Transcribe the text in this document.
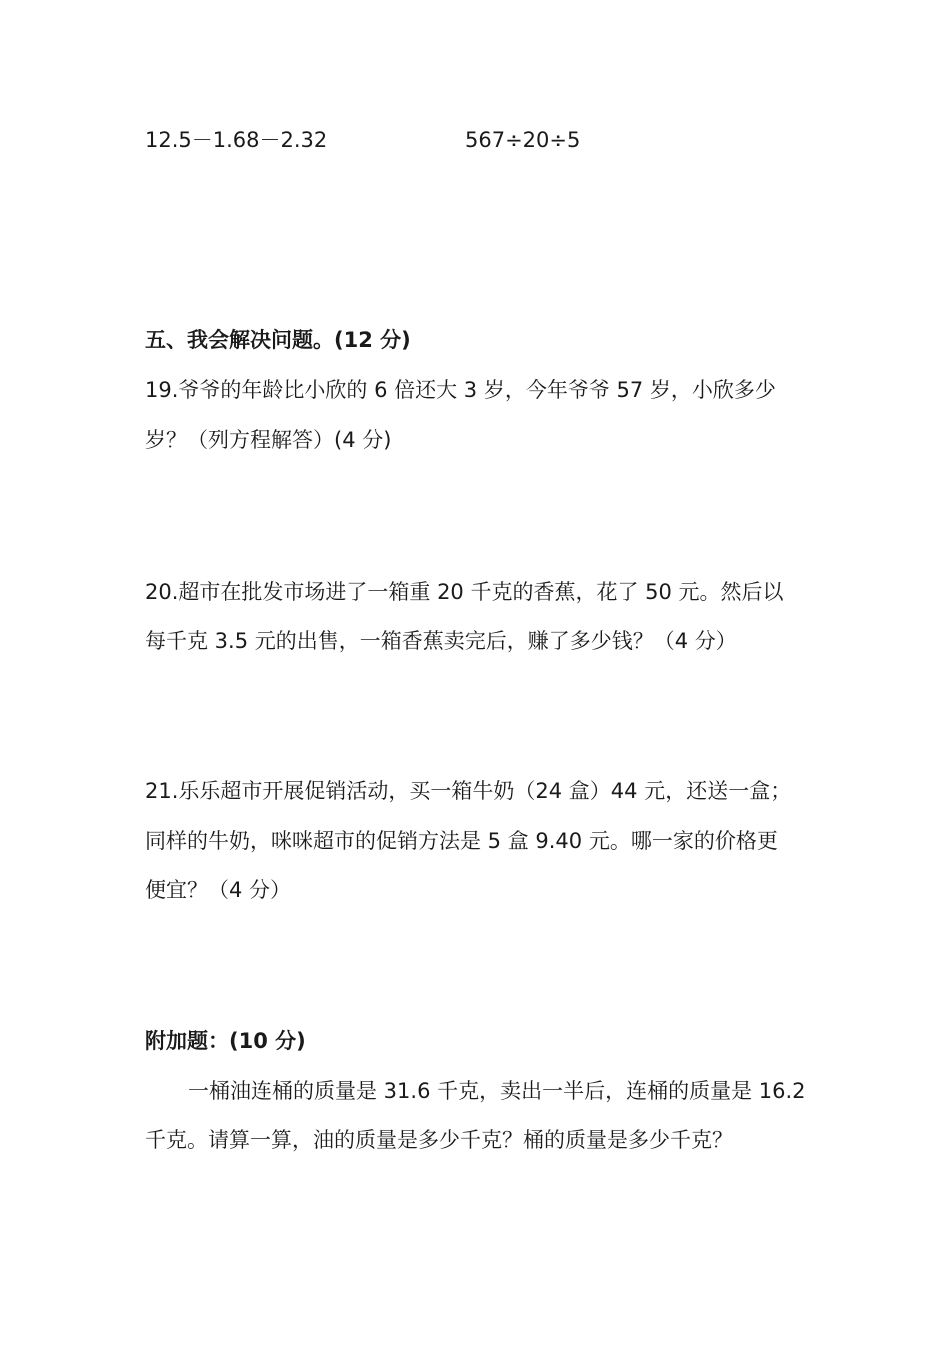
12.5－1.68－2.32	567÷20÷5
五、我会解决问题。(12 分)
19.爷爷的年龄比小欣的 6 倍还大 3 岁，今年爷爷 57 岁，小欣多少
岁？（列方程解答）(4 分)
20.超市在批发市场进了一箱重 20 千克的香蕉，花了 50 元。然后以
每千克 3.5 元的出售，一箱香蕉卖完后，赚了多少钱？（4 分）
21.乐乐超市开展促销活动，买一箱牛奶（24 盒）44 元，还送一盒；
同样的牛奶，咪咪超市的促销方法是 5 盒 9.40 元。哪一家的价格更
便宜？（4 分）
附加题：(10 分)
一桶油连桶的质量是 31.6 千克，卖出一半后，连桶的质量是 16.2
千克。请算一算，油的质量是多少千克？桶的质量是多少千克？
